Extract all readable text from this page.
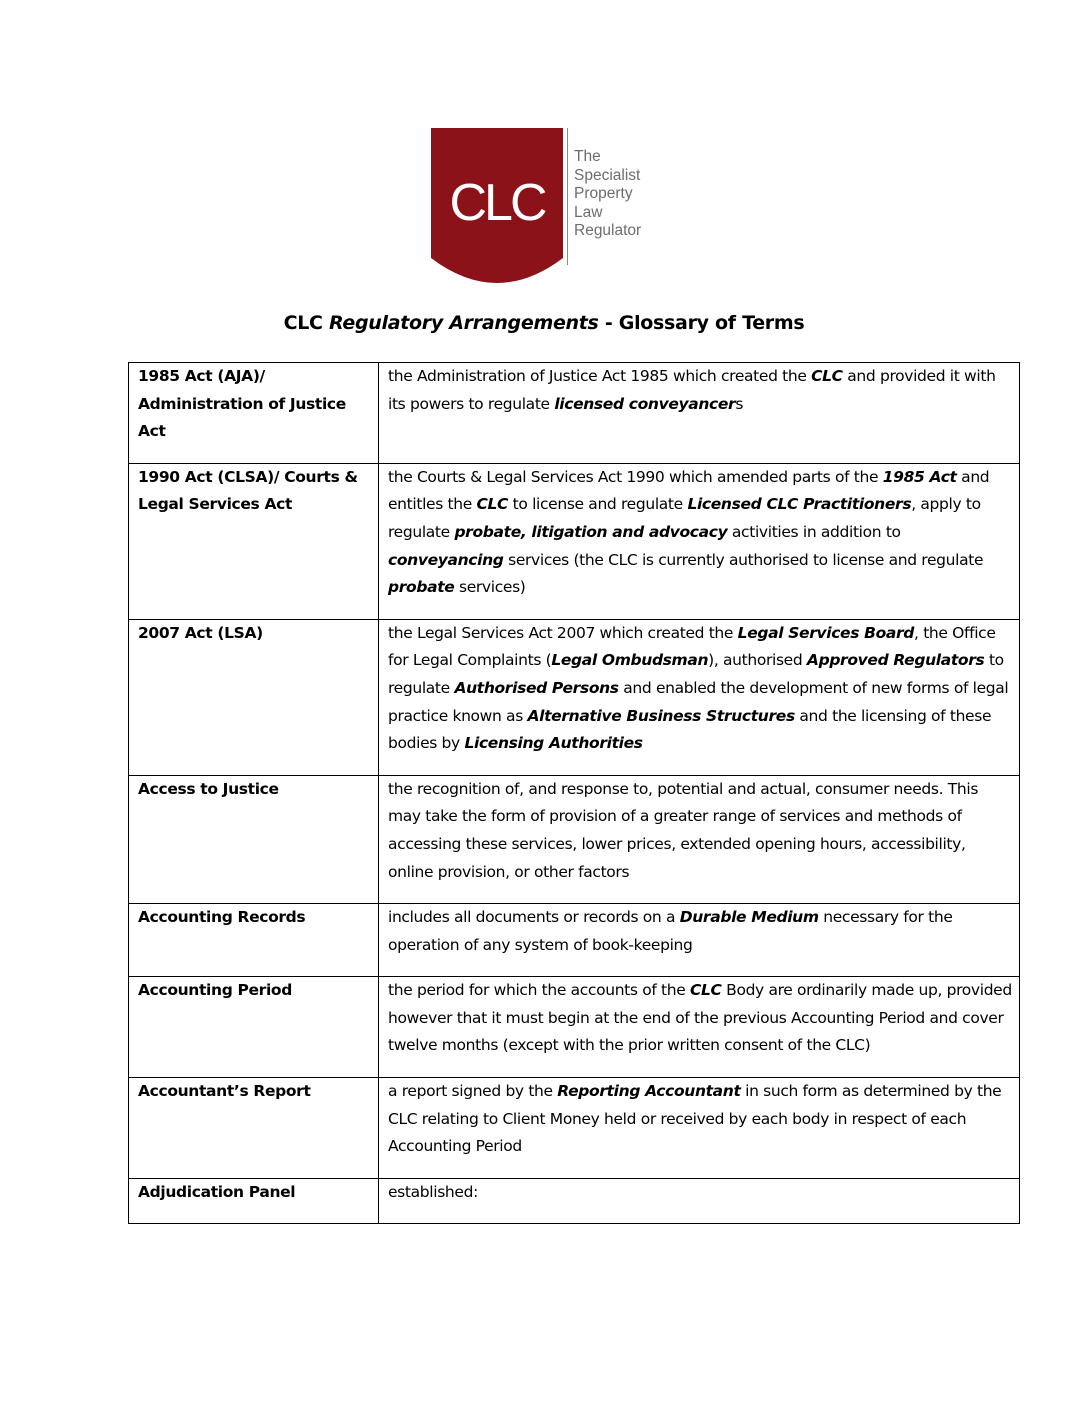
CLC
The
Specialist
Property
Law
Regulator
CLC Regulatory Arrangements - Glossary of Terms
1985 Act (AJA)/ Administration of Justice Act	the Administration of Justice Act 1985 which created the CLC and provided it with its powers to regulate licensed conveyancers
1990 Act (CLSA)/ Courts & Legal Services Act	the Courts & Legal Services Act 1990 which amended parts of the 1985 Act and entitles the CLC to license and regulate Licensed CLC Practitioners, apply to regulate probate, litigation and advocacy activities in addition to conveyancing services (the CLC is currently authorised to license and regulate probate services)
2007 Act (LSA)	the Legal Services Act 2007 which created the Legal Services Board, the Office for Legal Complaints (Legal Ombudsman), authorised Approved Regulators to regulate Authorised Persons and enabled the development of new forms of legal practice known as Alternative Business Structures and the licensing of these bodies by Licensing Authorities
Access to Justice	the recognition of, and response to, potential and actual, consumer needs. This may take the form of provision of a greater range of services and methods of accessing these services, lower prices, extended opening hours, accessibility, online provision, or other factors
Accounting Records	includes all documents or records on a Durable Medium necessary for the operation of any system of book-keeping
Accounting Period	the period for which the accounts of the CLC Body are ordinarily made up, provided however that it must begin at the end of the previous Accounting Period and cover twelve months (except with the prior written consent of the CLC)
Accountant’s Report	a report signed by the Reporting Accountant in such form as determined by the CLC relating to Client Money held or received by each body in respect of each Accounting Period
Adjudication Panel	established:
